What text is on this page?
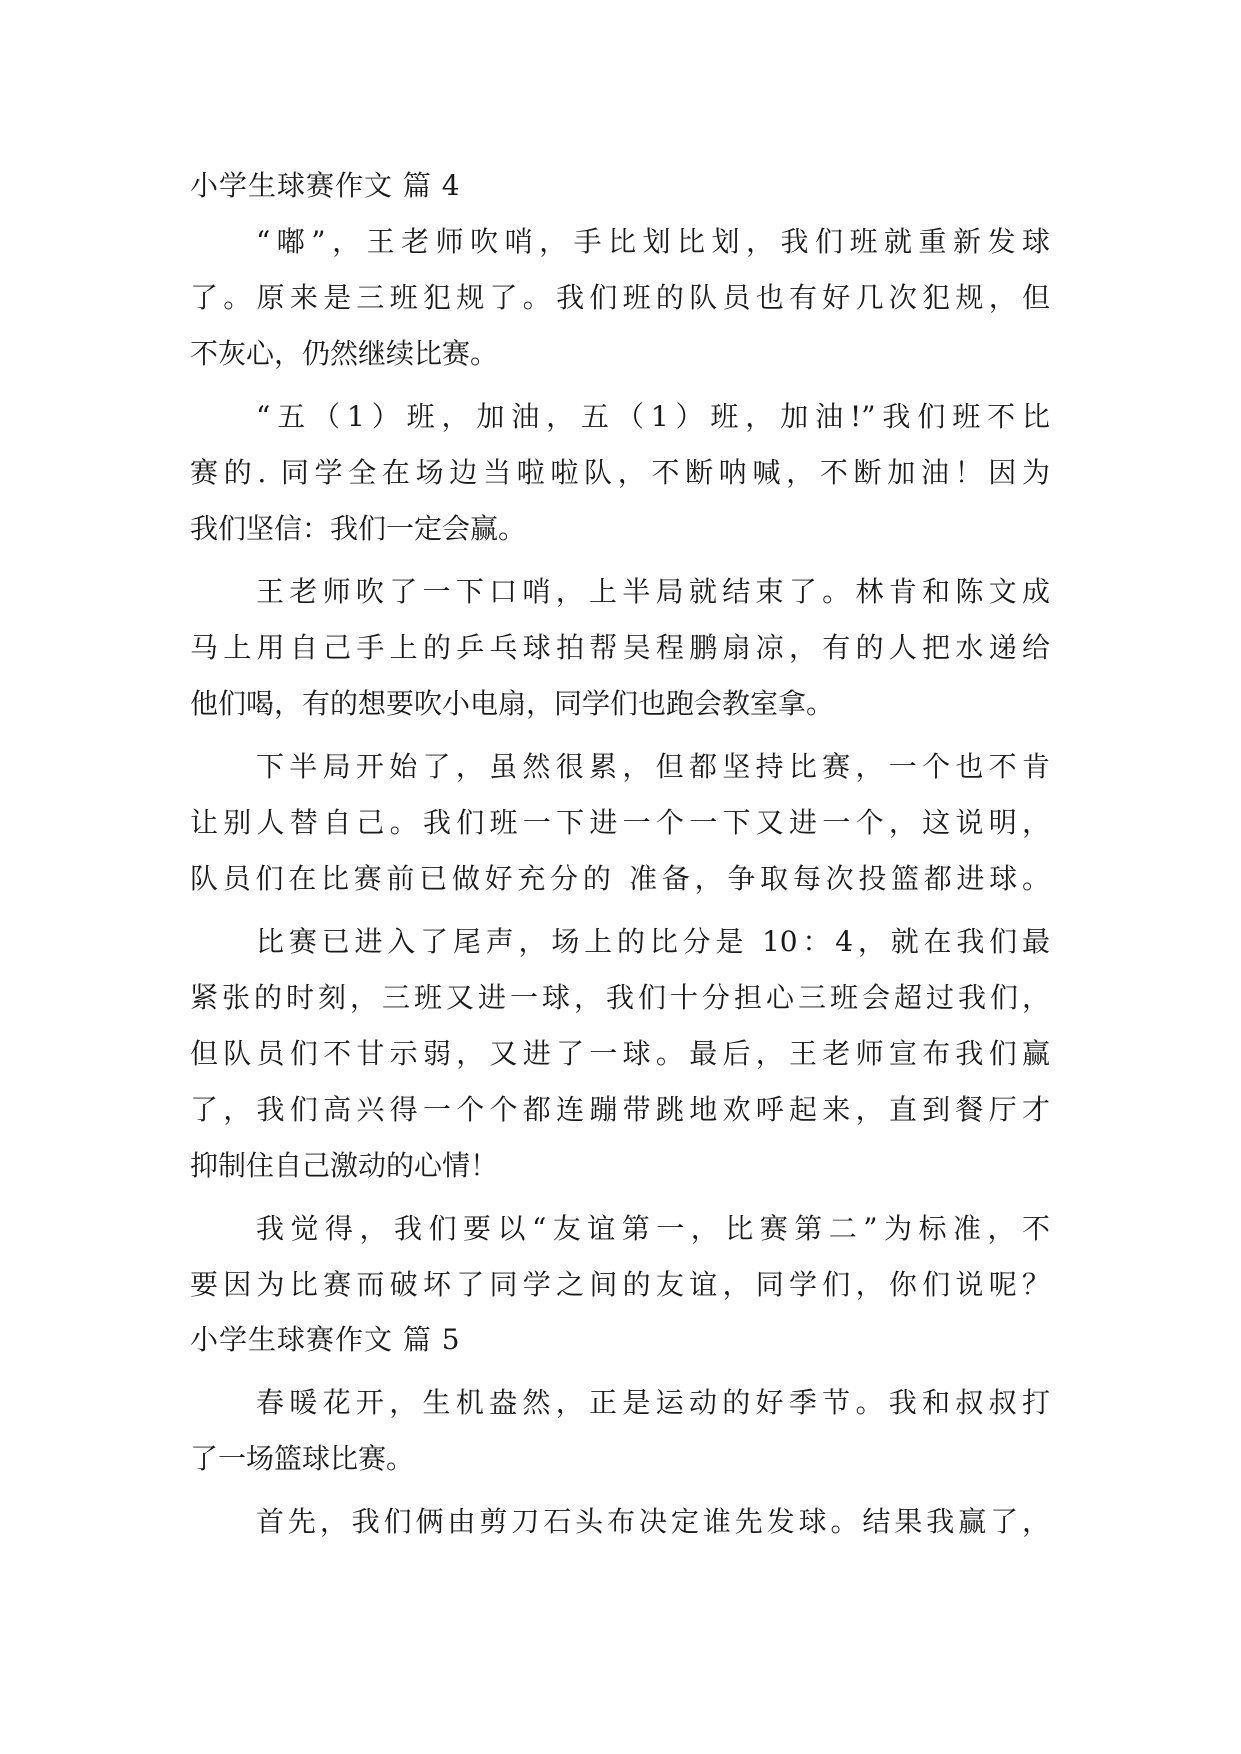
小学生球赛作文 篇 4
“嘟”，王老师吹哨，手比划比划，我们班就重新发球
了。原来是三班犯规了。我们班的队员也有好几次犯规，但
不灰心，仍然继续比赛。
“五（1）班，加油，五（1）班，加油!”我们班不比
赛的. 同学全在场边当啦啦队，不断呐喊，不断加油！因为
我们坚信：我们一定会赢。
王老师吹了一下口哨，上半局就结束了。林肯和陈文成
马上用自己手上的乒乓球拍帮吴程鹏扇凉，有的人把水递给
他们喝，有的想要吹小电扇，同学们也跑会教室拿。
下半局开始了，虽然很累，但都坚持比赛，一个也不肯
让别人替自己。我们班一下进一个一下又进一个，这说明，
队员们在比赛前已做好充分的 准备，争取每次投篮都进球。
比赛已进入了尾声，场上的比分是 10：4，就在我们最
紧张的时刻，三班又进一球，我们十分担心三班会超过我们，
但队员们不甘示弱，又进了一球。最后，王老师宣布我们赢
了，我们高兴得一个个都连蹦带跳地欢呼起来，直到餐厅才
抑制住自己激动的心情！
我觉得，我们要以“友谊第一，比赛第二”为标准，不
要因为比赛而破坏了同学之间的友谊，同学们，你们说呢？
小学生球赛作文 篇 5
春暖花开，生机盎然，正是运动的好季节。我和叔叔打
了一场篮球比赛。
首先，我们俩由剪刀石头布决定谁先发球。结果我赢了，
